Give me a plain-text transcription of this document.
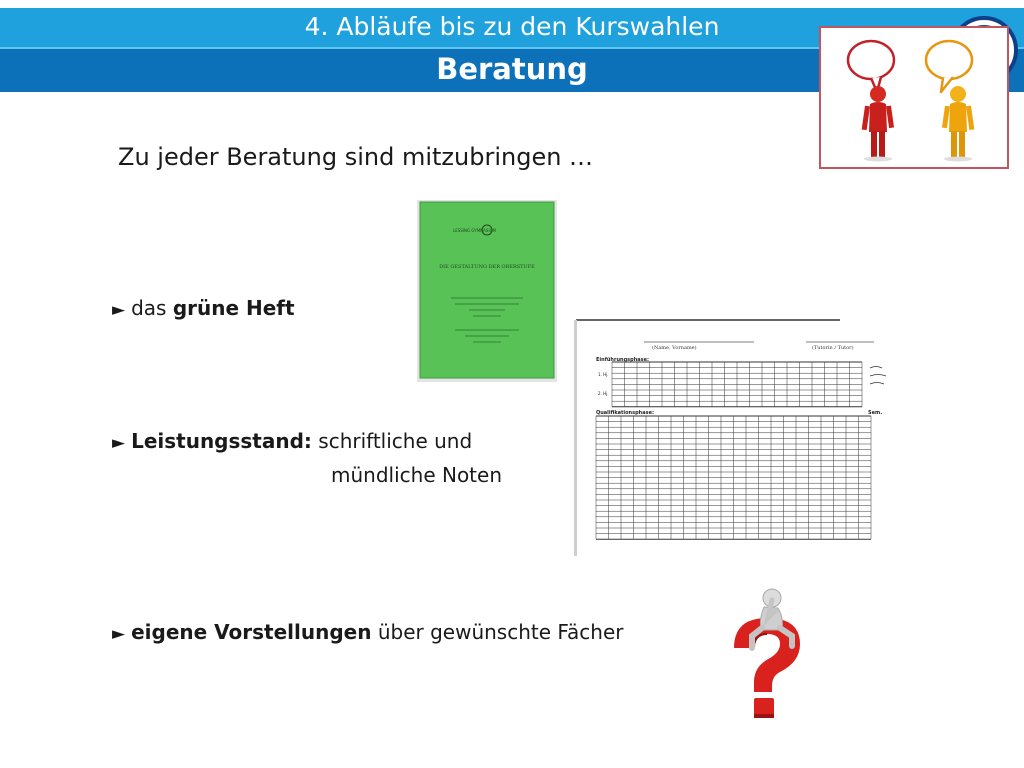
4. Abläufe bis zu den Kurswahlen
Beratung
Zu jeder Beratung sind mitzubringen …
► das grüne Heft
► Leistungsstand: schriftliche und
mündliche Noten
► eigene Vorstellungen über gewünschte Fächer
LESSING GYMNASIUM
DIE GESTALTUNG DER OBERSTUFE
(Name, Vorname)	(Tutorin / Tutor)
Einführungsphase:
Qualifikationsphase:	Sem.
1. Hj.
2. Hj.
